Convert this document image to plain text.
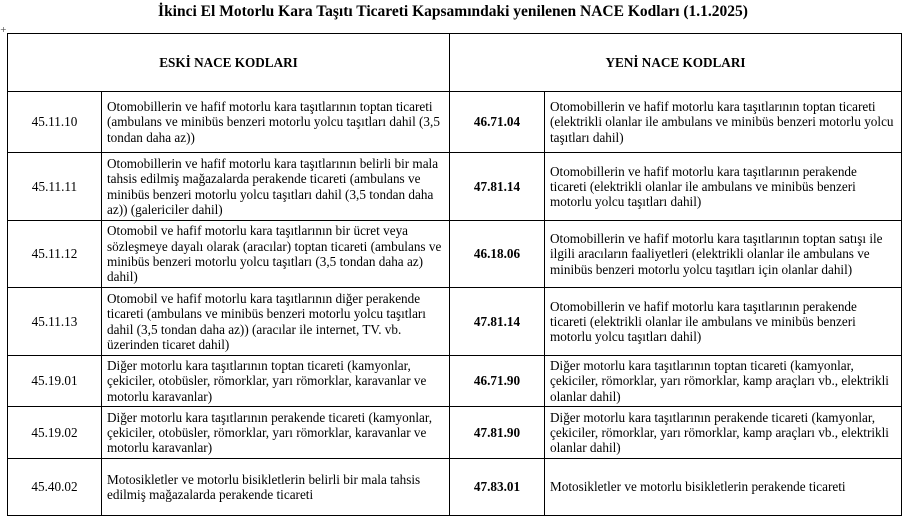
İkinci El Motorlu Kara Taşıtı Ticareti Kapsamındaki yenilenen NACE Kodları (1.1.2025)
+
ESKİ NACE KODLARI		YENİ NACE KODLARI	
45.11.10	Otomobillerin ve hafif motorlu kara taşıtlarının toptan ticareti (ambulans ve minibüs benzeri motorlu yolcu taşıtları dahil (3,5 tondan daha az))	46.71.04	Otomobillerin ve hafif motorlu kara taşıtlarının toptan ticareti (elektrikli olanlar ile ambulans ve minibüs benzeri motorlu yolcu taşıtları dahil)
45.11.11	Otomobillerin ve hafif motorlu kara taşıtlarının belirli bir mala tahsis edilmiş mağazalarda perakende ticareti (ambulans ve minibüs benzeri motorlu yolcu taşıtları dahil (3,5 tondan daha az)) (galericiler dahil)	47.81.14	Otomobillerin ve hafif motorlu kara taşıtlarının perakende ticareti (elektrikli olanlar ile ambulans ve minibüs benzeri motorlu yolcu taşıtları dahil)
45.11.12	Otomobil ve hafif motorlu kara taşıtlarının bir ücret veya sözleşmeye dayalı olarak (aracılar) toptan ticareti (ambulans ve minibüs benzeri motorlu yolcu taşıtları (3,5 tondan daha az) dahil)	46.18.06	Otomobillerin ve hafif motorlu kara taşıtlarının toptan satışı ile ilgili aracıların faaliyetleri (elektrikli olanlar ile ambulans ve minibüs benzeri motorlu yolcu taşıtları için olanlar dahil)
45.11.13	Otomobil ve hafif motorlu kara taşıtlarının diğer perakende ticareti (ambulans ve minibüs benzeri motorlu yolcu taşıtları dahil (3,5 tondan daha az)) (aracılar ile internet, TV. vb. üzerinden ticaret dahil)	47.81.14	Otomobillerin ve hafif motorlu kara taşıtlarının perakende ticareti (elektrikli olanlar ile ambulans ve minibüs benzeri motorlu yolcu taşıtları dahil)
45.19.01	Diğer motorlu kara taşıtlarının toptan ticareti (kamyonlar, çekiciler, otobüsler, römorklar, yarı römorklar, karavanlar ve motorlu karavanlar)	46.71.90	Diğer motorlu kara taşıtlarının toptan ticareti (kamyonlar, çekiciler, römorklar, yarı römorklar, kamp araçları vb., elektrikli olanlar dahil)
45.19.02	Diğer motorlu kara taşıtlarının perakende ticareti (kamyonlar, çekiciler, otobüsler, römorklar, yarı römorklar, karavanlar ve motorlu karavanlar)	47.81.90	Diğer motorlu kara taşıtlarının perakende ticareti (kamyonlar, çekiciler, römorklar, yarı römorklar, kamp araçları vb., elektrikli olanlar dahil)
45.40.02	Motosikletler ve motorlu bisikletlerin belirli bir mala tahsis edilmiş mağazalarda perakende ticareti	47.83.01	Motosikletler ve motorlu bisikletlerin perakende ticareti
